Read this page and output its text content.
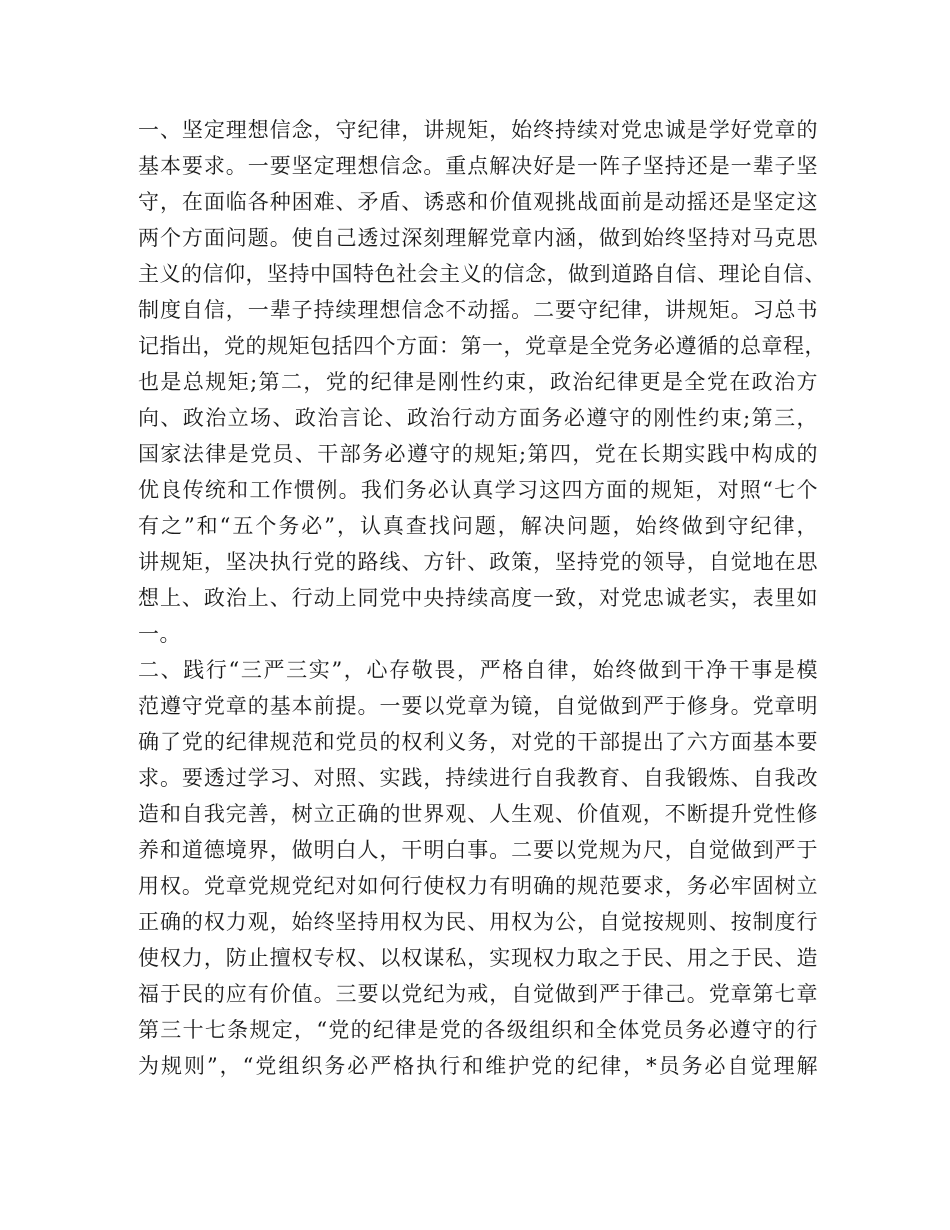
一、坚定理想信念，守纪律，讲规矩，始终持续对党忠诚是学好党章的
基本要求。一要坚定理想信念。重点解决好是一阵子坚持还是一辈子坚
守，在面临各种困难、矛盾、诱惑和价值观挑战面前是动摇还是坚定这
两个方面问题。使自己透过深刻理解党章内涵，做到始终坚持对马克思
主义的信仰，坚持中国特色社会主义的信念，做到道路自信、理论自信、
制度自信，一辈子持续理想信念不动摇。二要守纪律，讲规矩。习总书
记指出，党的规矩包括四个方面：第一，党章是全党务必遵循的总章程，
也是总规矩;第二，党的纪律是刚性约束，政治纪律更是全党在政治方
向、政治立场、政治言论、政治行动方面务必遵守的刚性约束;第三，
国家法律是党员、干部务必遵守的规矩;第四，党在长期实践中构成的
优良传统和工作惯例。我们务必认真学习这四方面的规矩，对照“七个
有之”和“五个务必”，认真查找问题，解决问题，始终做到守纪律，
讲规矩，坚决执行党的路线、方针、政策，坚持党的领导，自觉地在思
想上、政治上、行动上同党中央持续高度一致，对党忠诚老实，表里如
一。
二、践行“三严三实”，心存敬畏，严格自律，始终做到干净干事是模
范遵守党章的基本前提。一要以党章为镜，自觉做到严于修身。党章明
确了党的纪律规范和党员的权利义务，对党的干部提出了六方面基本要
求。要透过学习、对照、实践，持续进行自我教育、自我锻炼、自我改
造和自我完善，树立正确的世界观、人生观、价值观，不断提升党性修
养和道德境界，做明白人，干明白事。二要以党规为尺，自觉做到严于
用权。党章党规党纪对如何行使权力有明确的规范要求，务必牢固树立
正确的权力观，始终坚持用权为民、用权为公，自觉按规则、按制度行
使权力，防止擅权专权、以权谋私，实现权力取之于民、用之于民、造
福于民的应有价值。三要以党纪为戒，自觉做到严于律己。党章第七章
第三十七条规定，“党的纪律是党的各级组织和全体党员务必遵守的行
为规则”，“党组织务必严格执行和维护党的纪律，*员务必自觉理解
